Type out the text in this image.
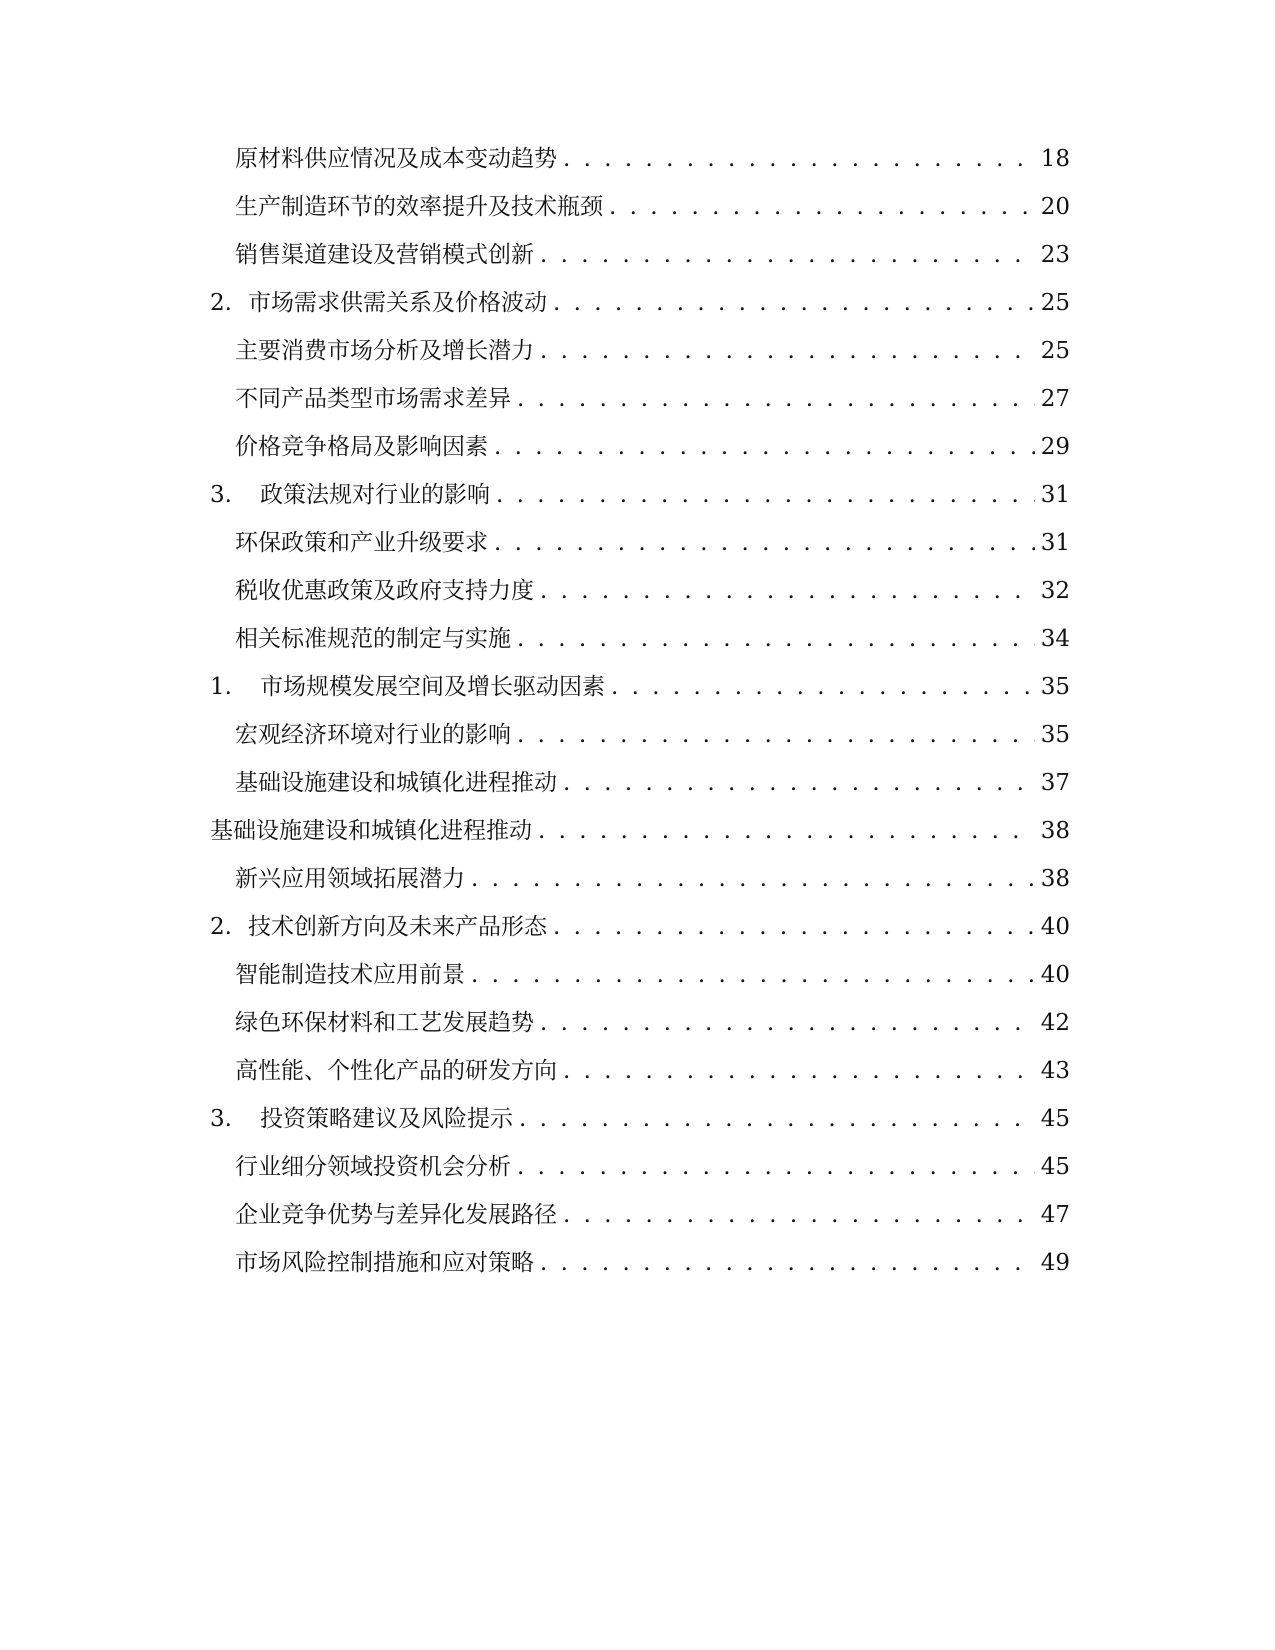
原材料供应情况及成本变动趋势 . . .	18
生产制造环节的效率提升及技术瓶颈 . . .	20
销售渠道建设及营销模式创新 . . .	23
2. 市场需求供需关系及价格波动 . . .	25
主要消费市场分析及增长潜力 . . .	25
不同产品类型市场需求差异 . . .	27
价格竞争格局及影响因素 . . .	29
3.	政策法规对行业的影响 . . .	31
环保政策和产业升级要求 . . .	31
税收优惠政策及政府支持力度 . . .	32
相关标准规范的制定与实施 . . .	34
1.	市场规模发展空间及增长驱动因素 . . .	35
宏观经济环境对行业的影响 . . .	35
基础设施建设和城镇化进程推动 . . .	37
基础设施建设和城镇化进程推动 . . .	38
新兴应用领域拓展潜力 . . .	38
2. 技术创新方向及未来产品形态 . . .	40
智能制造技术应用前景 . . .	40
绿色环保材料和工艺发展趋势 . . .	42
高性能、个性化产品的研发方向 . . .	43
3.	投资策略建议及风险提示 . . .	45
行业细分领域投资机会分析 . . .	45
企业竞争优势与差异化发展路径 . . .	47
市场风险控制措施和应对策略 . . .	49
